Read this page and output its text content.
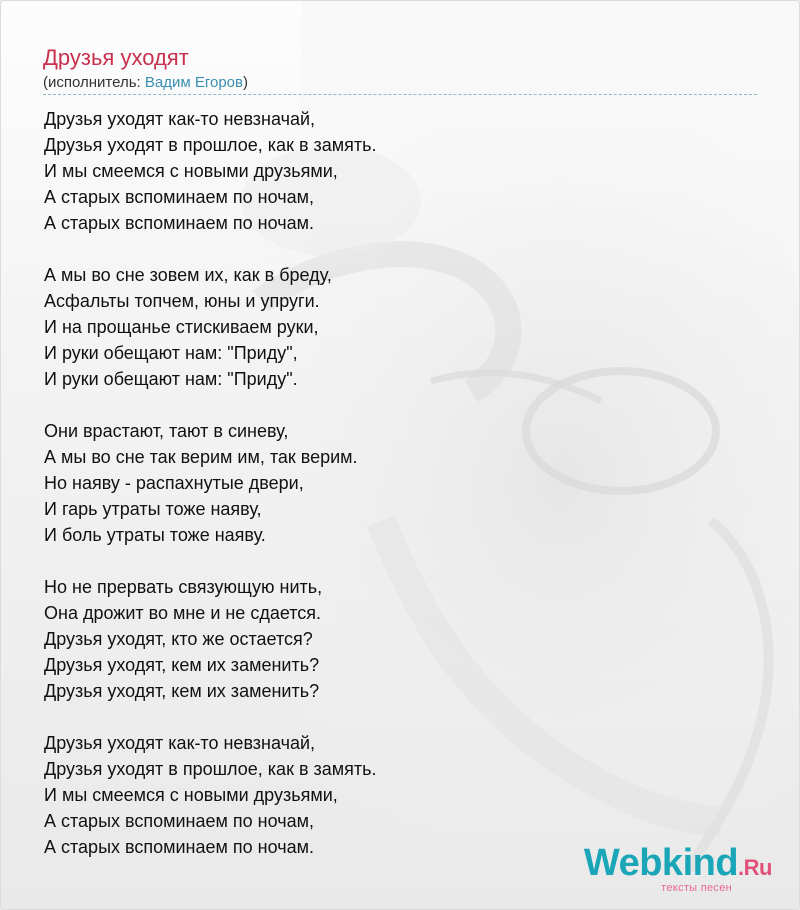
Друзья уходят
(исполнитель: Вадим Егоров)
Друзья уходят как-то невзначай,
Друзья уходят в прошлое, как в замять.
И мы смеемся с новыми друзьями,
А старых вспоминаем по ночам,
А старых вспоминаем по ночам.
А мы во сне зовем их, как в бреду,
Асфальты топчем, юны и упруги.
И на прощанье стискиваем руки,
И руки обещают нам: "Приду",
И руки обещают нам: "Приду".
Они врастают, тают в синеву,
А мы во сне так верим им, так верим.
Но наяву - распахнутые двери,
И гарь утраты тоже наяву,
И боль утраты тоже наяву.
Но не прервать связующую нить,
Она дрожит во мне и не сдается.
Друзья уходят, кто же остается?
Друзья уходят, кем их заменить?
Друзья уходят, кем их заменить?
Друзья уходят как-то невзначай,
Друзья уходят в прошлое, как в замять.
И мы смеемся с новыми друзьями,
А старых вспоминаем по ночам,
А старых вспоминаем по ночам.	Webkind.Ru
тексты песен
